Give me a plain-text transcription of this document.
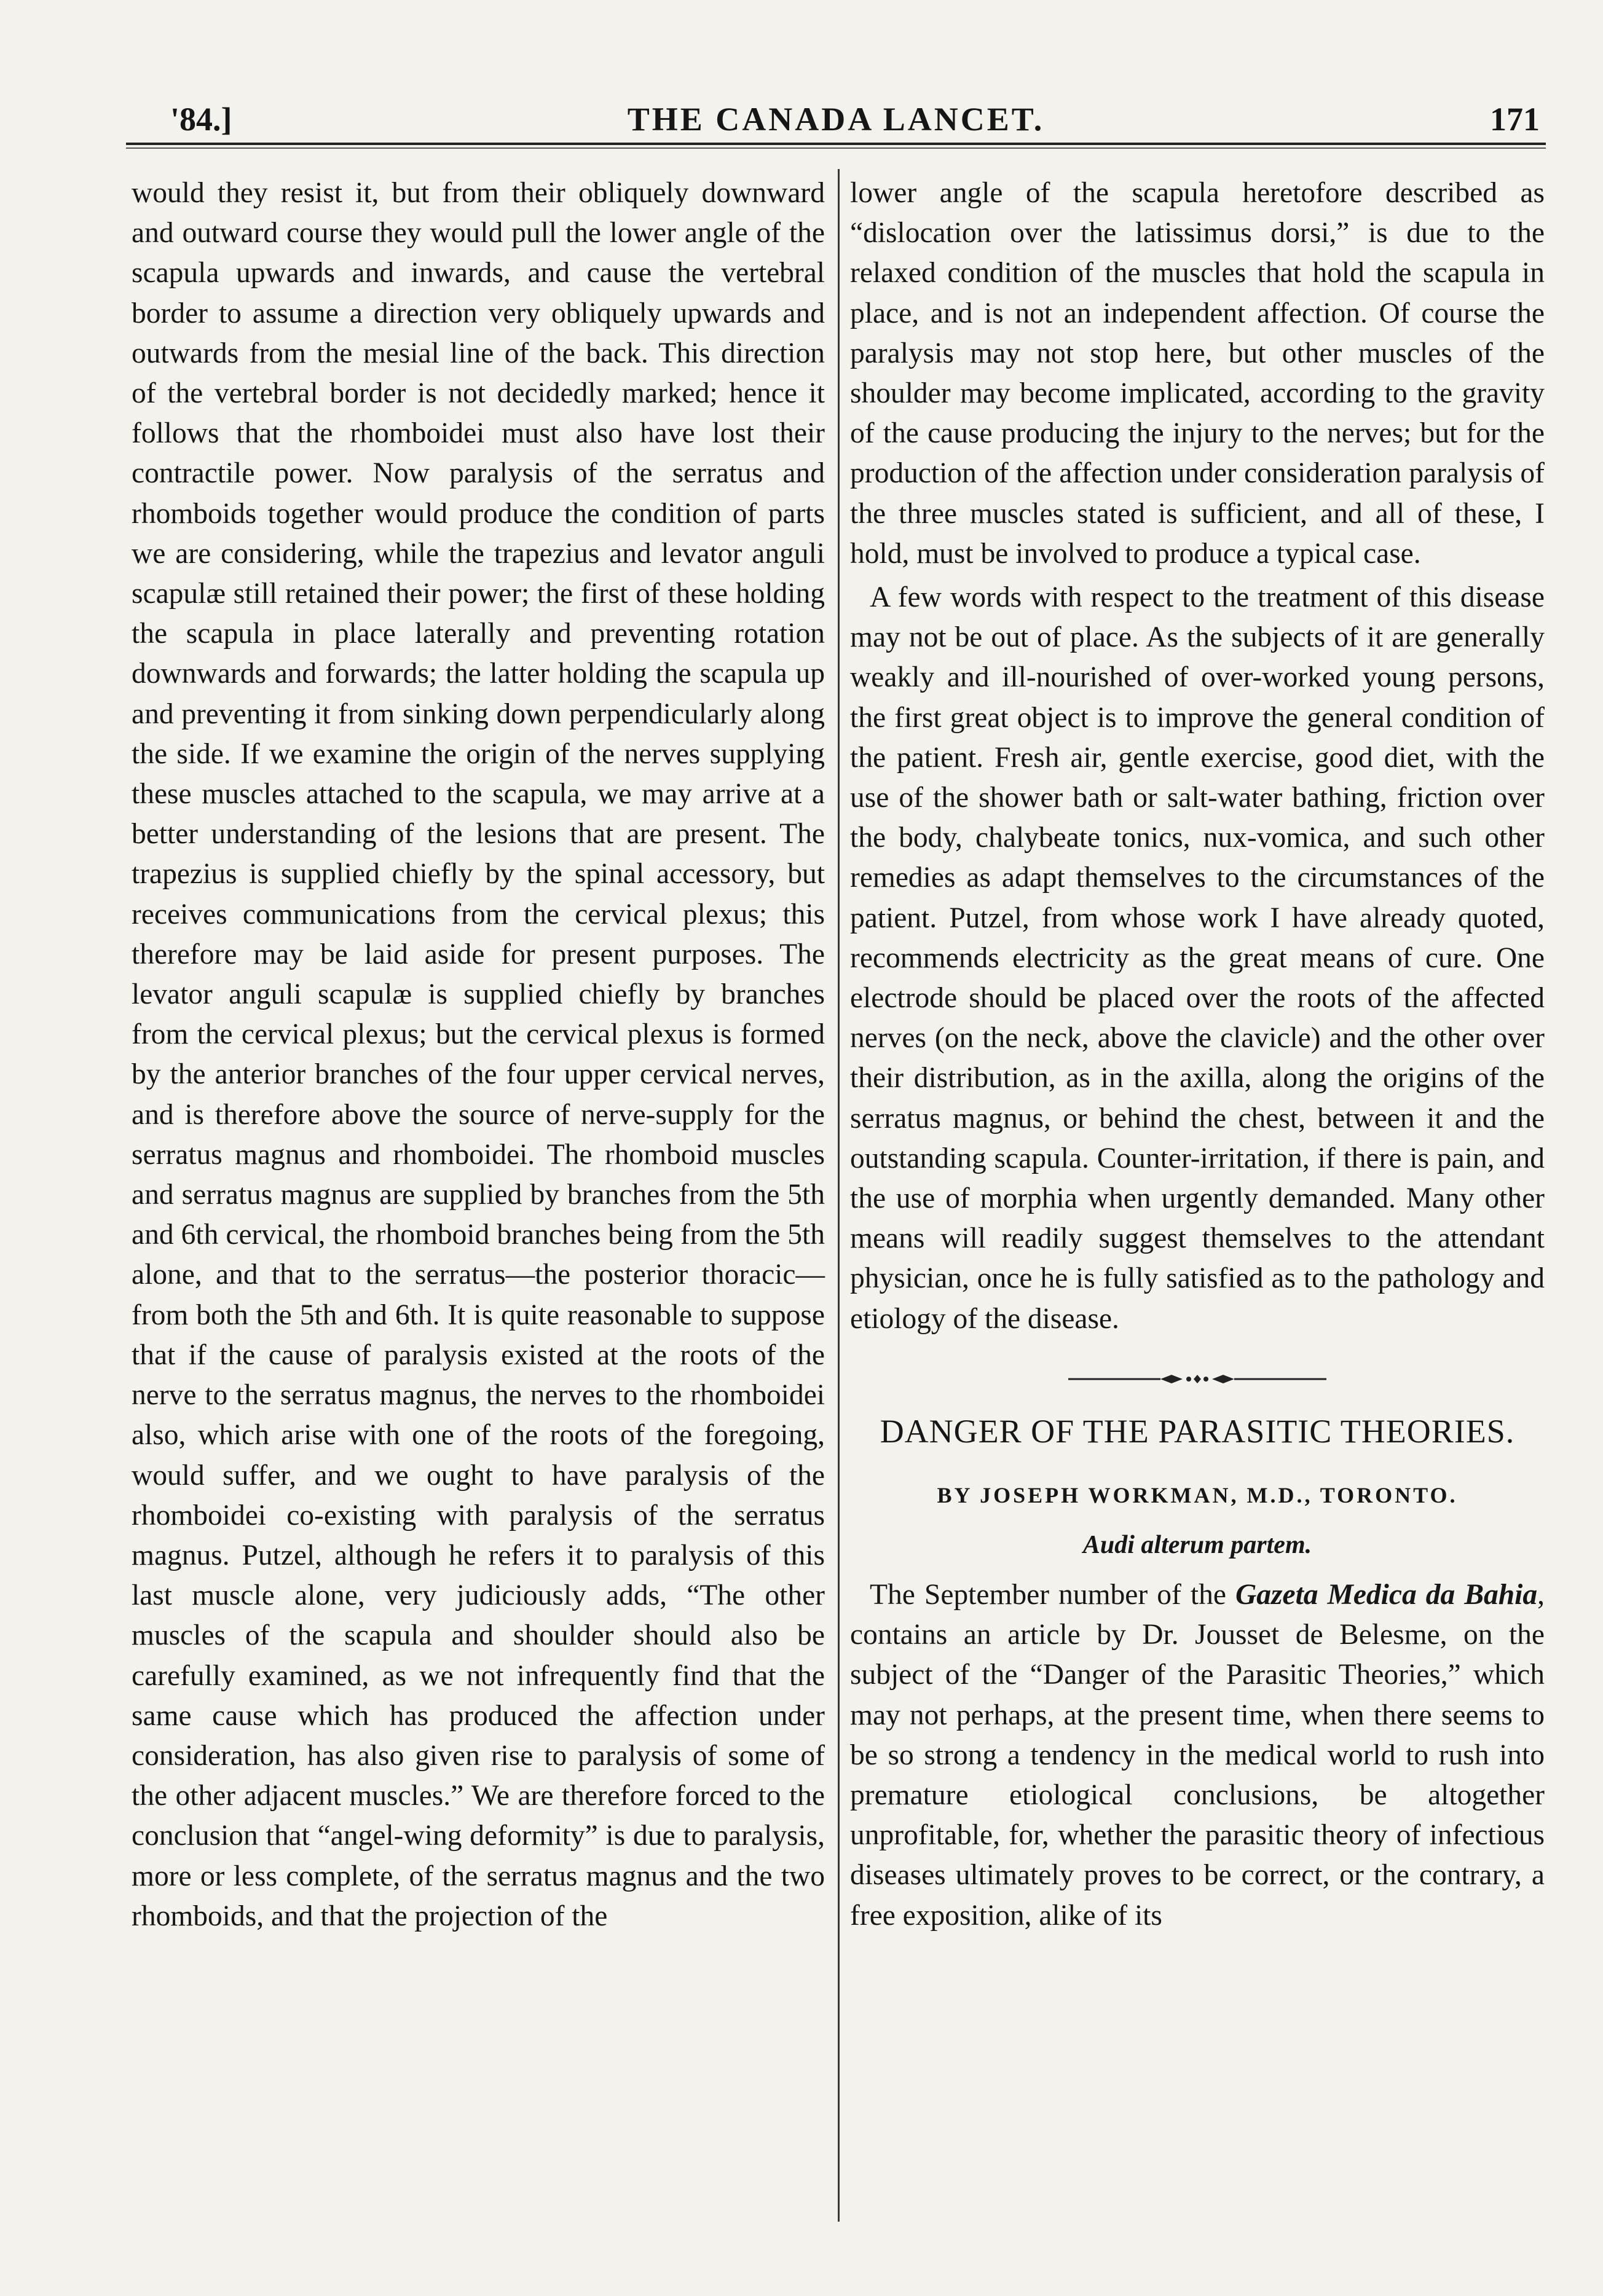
'84.]	THE CANADA LANCET.	171

would they resist it, but from their obliquely downward and outward course they would pull the lower angle of the scapula upwards and inwards, and cause the vertebral border to assume a direction very obliquely upwards and outwards from the mesial line of the back. This direction of the vertebral border is not decidedly marked; hence it follows that the rhomboidei must also have lost their contractile power. Now paralysis of the serratus and rhomboids together would produce the condition of parts we are considering, while the trapezius and levator anguli scapulæ still retained their power; the first of these holding the scapula in place laterally and preventing rotation downwards and forwards; the latter holding the scapula up and preventing it from sinking down perpendicularly along the side. If we examine the origin of the nerves supplying these muscles attached to the scapula, we may arrive at a better understanding of the lesions that are present. The trapezius is supplied chiefly by the spinal accessory, but receives communications from the cervical plexus; this therefore may be laid aside for present purposes. The levator anguli scapulæ is supplied chiefly by branches from the cervical plexus; but the cervical plexus is formed by the anterior branches of the four upper cervical nerves, and is therefore above the source of nerve-supply for the serratus magnus and rhomboidei. The rhomboid muscles and serratus magnus are supplied by branches from the 5th and 6th cervical, the rhomboid branches being from the 5th alone, and that to the serratus—the posterior thoracic—from both the 5th and 6th. It is quite reasonable to suppose that if the cause of paralysis existed at the roots of the nerve to the serratus magnus, the nerves to the rhomboidei also, which arise with one of the roots of the foregoing, would suffer, and we ought to have paralysis of the rhomboidei co-existing with paralysis of the serratus magnus. Putzel, although he refers it to paralysis of this last muscle alone, very judiciously adds, “The other muscles of the scapula and shoulder should also be carefully examined, as we not infrequently find that the same cause which has produced the affection under consideration, has also given rise to paralysis of some of the other adjacent muscles.” We are therefore forced to the conclusion that “angel-wing deformity” is due to paralysis, more or less complete, of the serratus magnus and the two rhomboids, and that the projection of the

lower angle of the scapula heretofore described as “dislocation over the latissimus dorsi,” is due to the relaxed condition of the muscles that hold the scapula in place, and is not an independent affection. Of course the paralysis may not stop here, but other muscles of the shoulder may become implicated, according to the gravity of the cause producing the injury to the nerves; but for the production of the affection under consideration paralysis of the three muscles stated is sufficient, and all of these, I hold, must be involved to produce a typical case.

A few words with respect to the treatment of this disease may not be out of place. As the subjects of it are generally weakly and ill-nourished of over-worked young persons, the first great object is to improve the general condition of the patient. Fresh air, gentle exercise, good diet, with the use of the shower bath or salt-water bathing, friction over the body, chalybeate tonics, nux-vomica, and such other remedies as adapt themselves to the circumstances of the patient. Putzel, from whose work I have already quoted, recommends electricity as the great means of cure. One electrode should be placed over the roots of the affected nerves (on the neck, above the clavicle) and the other over their distribution, as in the axilla, along the origins of the serratus magnus, or behind the chest, between it and the outstanding scapula. Counter-irritation, if there is pain, and the use of morphia when urgently demanded. Many other means will readily suggest themselves to the attendant physician, once he is fully satisfied as to the pathology and etiology of the disease.

DANGER OF THE PARASITIC THEORIES.
BY JOSEPH WORKMAN, M.D., TORONTO.
Audi alterum partem.

The September number of the Gazeta Medica da Bahia, contains an article by Dr. Jousset de Belesme, on the subject of the “Danger of the Parasitic Theories,” which may not perhaps, at the present time, when there seems to be so strong a tendency in the medical world to rush into premature etiological conclusions, be altogether unprofitable, for, whether the parasitic theory of infectious diseases ultimately proves to be correct, or the contrary, a free exposition, alike of its
